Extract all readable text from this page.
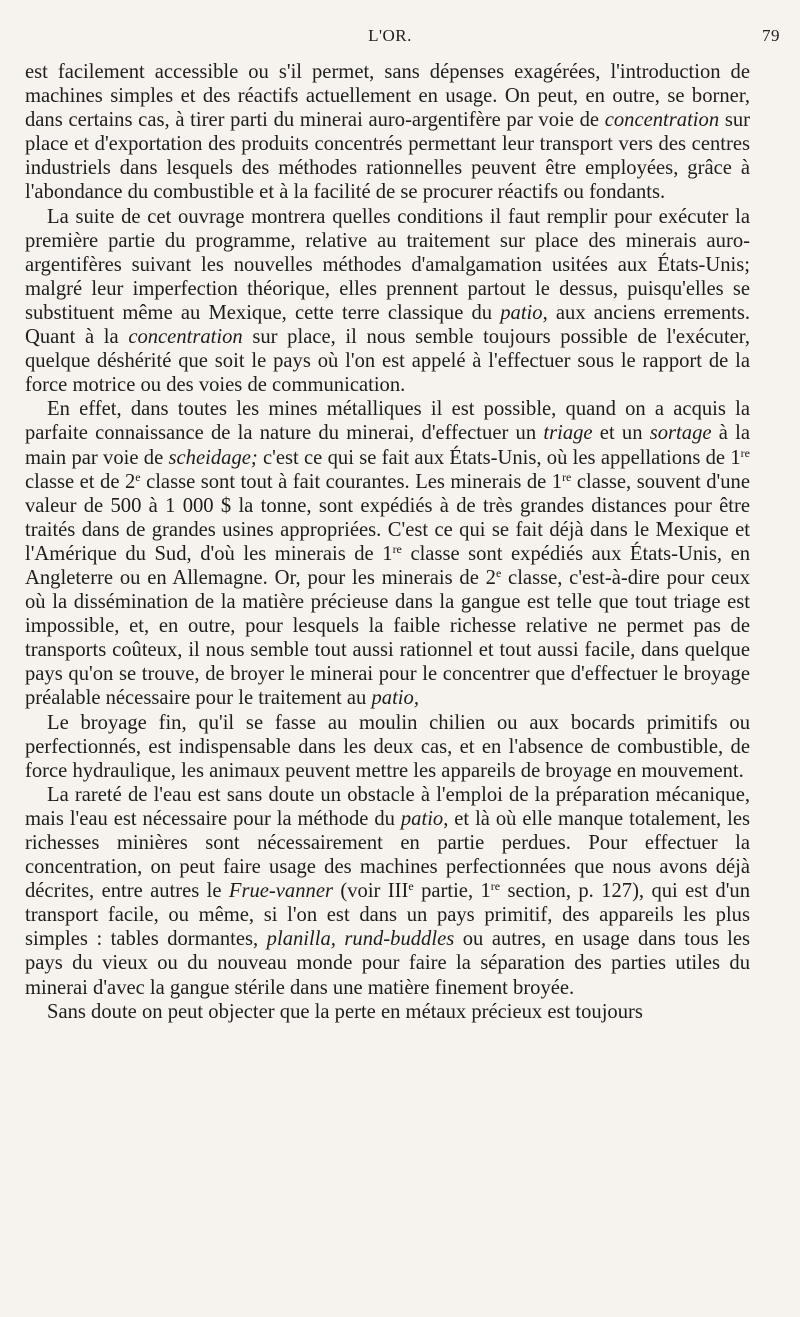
L'OR.	79

est facilement accessible ou s'il permet, sans dépenses exagérées, l'introduction de machines simples et des réactifs actuellement en usage. On peut, en outre, se borner, dans certains cas, à tirer parti du minerai auro-argentifère par voie de concentration sur place et d'exportation des produits concentrés permettant leur transport vers des centres industriels dans lesquels des méthodes rationnelles peuvent être employées, grâce à l'abondance du combustible et à la facilité de se procurer réactifs ou fondants.

La suite de cet ouvrage montrera quelles conditions il faut remplir pour exécuter la première partie du programme, relative au traitement sur place des minerais auro-argentifères suivant les nouvelles méthodes d'amalgamation usitées aux États-Unis; malgré leur imperfection théorique, elles prennent partout le dessus, puisqu'elles se substituent même au Mexique, cette terre classique du patio, aux anciens errements. Quant à la concentration sur place, il nous semble toujours possible de l'exécuter, quelque déshérité que soit le pays où l'on est appelé à l'effectuer sous le rapport de la force motrice ou des voies de communication.

En effet, dans toutes les mines métalliques il est possible, quand on a acquis la parfaite connaissance de la nature du minerai, d'effectuer un triage et un sortage à la main par voie de scheidage; c'est ce qui se fait aux États-Unis, où les appellations de 1re classe et de 2e classe sont tout à fait courantes. Les minerais de 1re classe, souvent d'une valeur de 500 à 1 000 $ la tonne, sont expédiés à de très grandes distances pour être traités dans de grandes usines appropriées. C'est ce qui se fait déjà dans le Mexique et l'Amérique du Sud, d'où les minerais de 1re classe sont expédiés aux États-Unis, en Angleterre ou en Allemagne. Or, pour les minerais de 2e classe, c'est-à-dire pour ceux où la dissémination de la matière précieuse dans la gangue est telle que tout triage est impossible, et, en outre, pour lesquels la faible richesse relative ne permet pas de transports coûteux, il nous semble tout aussi rationnel et tout aussi facile, dans quelque pays qu'on se trouve, de broyer le minerai pour le concentrer que d'effectuer le broyage préalable nécessaire pour le traitement au patio,

Le broyage fin, qu'il se fasse au moulin chilien ou aux bocards primitifs ou perfectionnés, est indispensable dans les deux cas, et en l'absence de combustible, de force hydraulique, les animaux peuvent mettre les appareils de broyage en mouvement.

La rareté de l'eau est sans doute un obstacle à l'emploi de la préparation mécanique, mais l'eau est nécessaire pour la méthode du patio, et là où elle manque totalement, les richesses minières sont nécessairement en partie perdues. Pour effectuer la concentration, on peut faire usage des machines perfectionnées que nous avons déjà décrites, entre autres le Frue-vanner (voir IIIe partie, 1re section, p. 127), qui est d'un transport facile, ou même, si l'on est dans un pays primitif, des appareils les plus simples : tables dormantes, planilla, rund-buddles ou autres, en usage dans tous les pays du vieux ou du nouveau monde pour faire la séparation des parties utiles du minerai d'avec la gangue stérile dans une matière finement broyée.

Sans doute on peut objecter que la perte en métaux précieux est toujours
